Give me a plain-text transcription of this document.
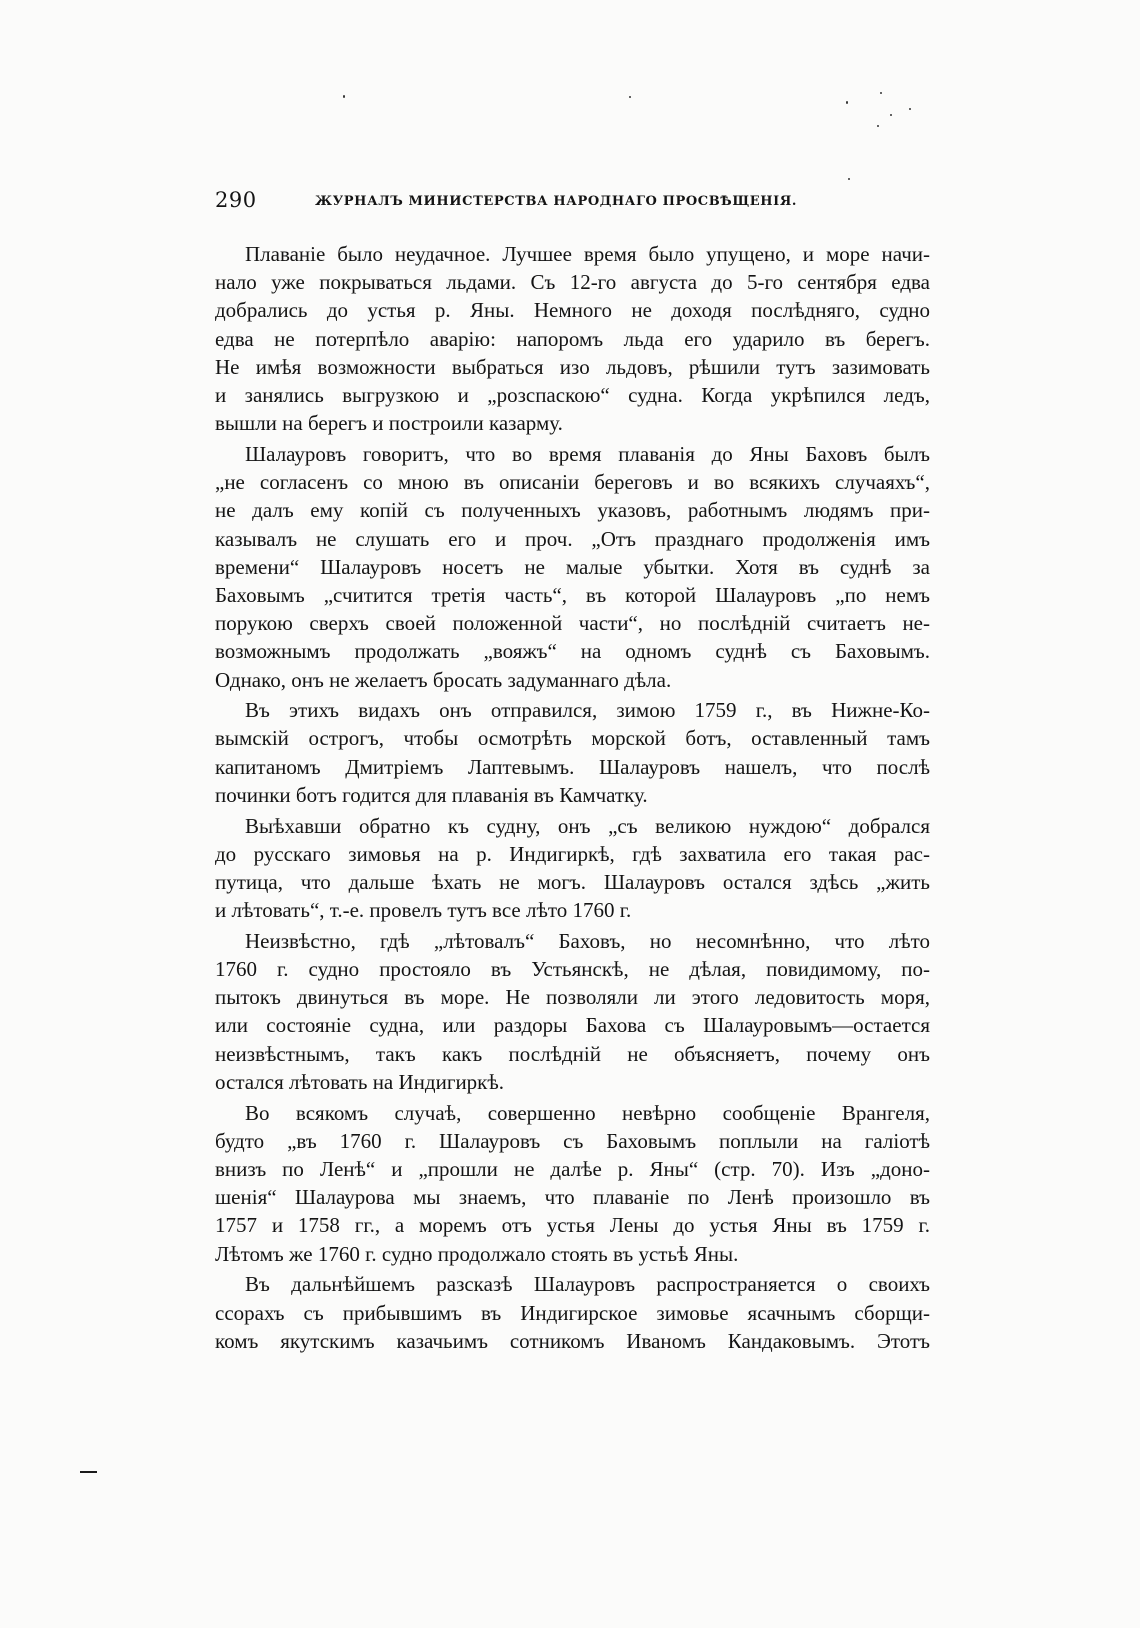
290	ЖУРНАЛЪ МИНИСТЕРСТВА НАРОДНАГО ПРОСВѢЩЕНІЯ.

Плаваніе было неудачное. Лучшее время было упущено, и море начи-
нало уже покрываться льдами. Съ 12-го августа до 5-го сентября едва
добрались до устья р. Яны. Немного не доходя послѣдняго, судно
едва не потерпѣло аварію: напоромъ льда его ударило въ берегъ.
Не имѣя возможности выбраться изо льдовъ, рѣшили тутъ зазимовать
и занялись выгрузкою и „розспаскою“ судна. Когда укрѣпился ледъ,
вышли на берегъ и построили казарму.

Шалауровъ говоритъ, что во время плаванія до Яны Баховъ былъ
„не согласенъ со мною въ описаніи береговъ и во всякихъ случаяхъ“,
не далъ ему копій съ полученныхъ указовъ, работнымъ людямъ при-
казывалъ не слушать его и проч. „Отъ празднаго продолженія имъ
времени“ Шалауровъ носетъ не малые убытки. Хотя въ суднѣ за
Баховымъ „считится третія часть“, въ которой Шалауровъ „по немъ
порукою сверхъ своей положенной части“, но послѣдній считаетъ не-
возможнымъ продолжать „вояжъ“ на одномъ суднѣ съ Баховымъ.
Однако, онъ не желаетъ бросать задуманнаго дѣла.

Въ этихъ видахъ онъ отправился, зимою 1759 г., въ Нижне-Ко-
вымскій острогъ, чтобы осмотрѣть морской ботъ, оставленный тамъ
капитаномъ Дмитріемъ Лаптевымъ. Шалауровъ нашелъ, что послѣ
починки ботъ годится для плаванія въ Камчатку.

Выѣхавши обратно къ судну, онъ „съ великою нуждою“ добрался
до русскаго зимовья на р. Индигиркѣ, гдѣ захватила его такая рас-
путица, что дальше ѣхать не могъ. Шалауровъ остался здѣсь „жить
и лѣтовать“, т.-е. провелъ тутъ все лѣто 1760 г.

Неизвѣстно, гдѣ „лѣтовалъ“ Баховъ, но несомнѣнно, что лѣто
1760 г. судно простояло въ Устьянскѣ, не дѣлая, повидимому, по-
пытокъ двинуться въ море. Не позволяли ли этого ледовитость моря,
или состояніе судна, или раздоры Бахова съ Шалауровымъ—остается
неизвѣстнымъ, такъ какъ послѣдній не объясняетъ, почему онъ
остался лѣтовать на Индигиркѣ.

Во всякомъ случаѣ, совершенно невѣрно сообщеніе Врангеля,
будто „въ 1760 г. Шалауровъ съ Баховымъ поплыли на галіотѣ
внизъ по Ленѣ“ и „прошли не далѣе р. Яны“ (стр. 70). Изъ „доно-
шенія“ Шалаурова мы знаемъ, что плаваніе по Ленѣ произошло въ
1757 и 1758 гг., а моремъ отъ устья Лены до устья Яны въ 1759 г.
Лѣтомъ же 1760 г. судно продолжало стоять въ устьѣ Яны.

Въ дальнѣйшемъ разсказѣ Шалауровъ распространяется о своихъ
ссорахъ съ прибывшимъ въ Индигирское зимовье ясачнымъ сборщи-
комъ якутскимъ казачьимъ сотникомъ Иваномъ Кандаковымъ. Этотъ
